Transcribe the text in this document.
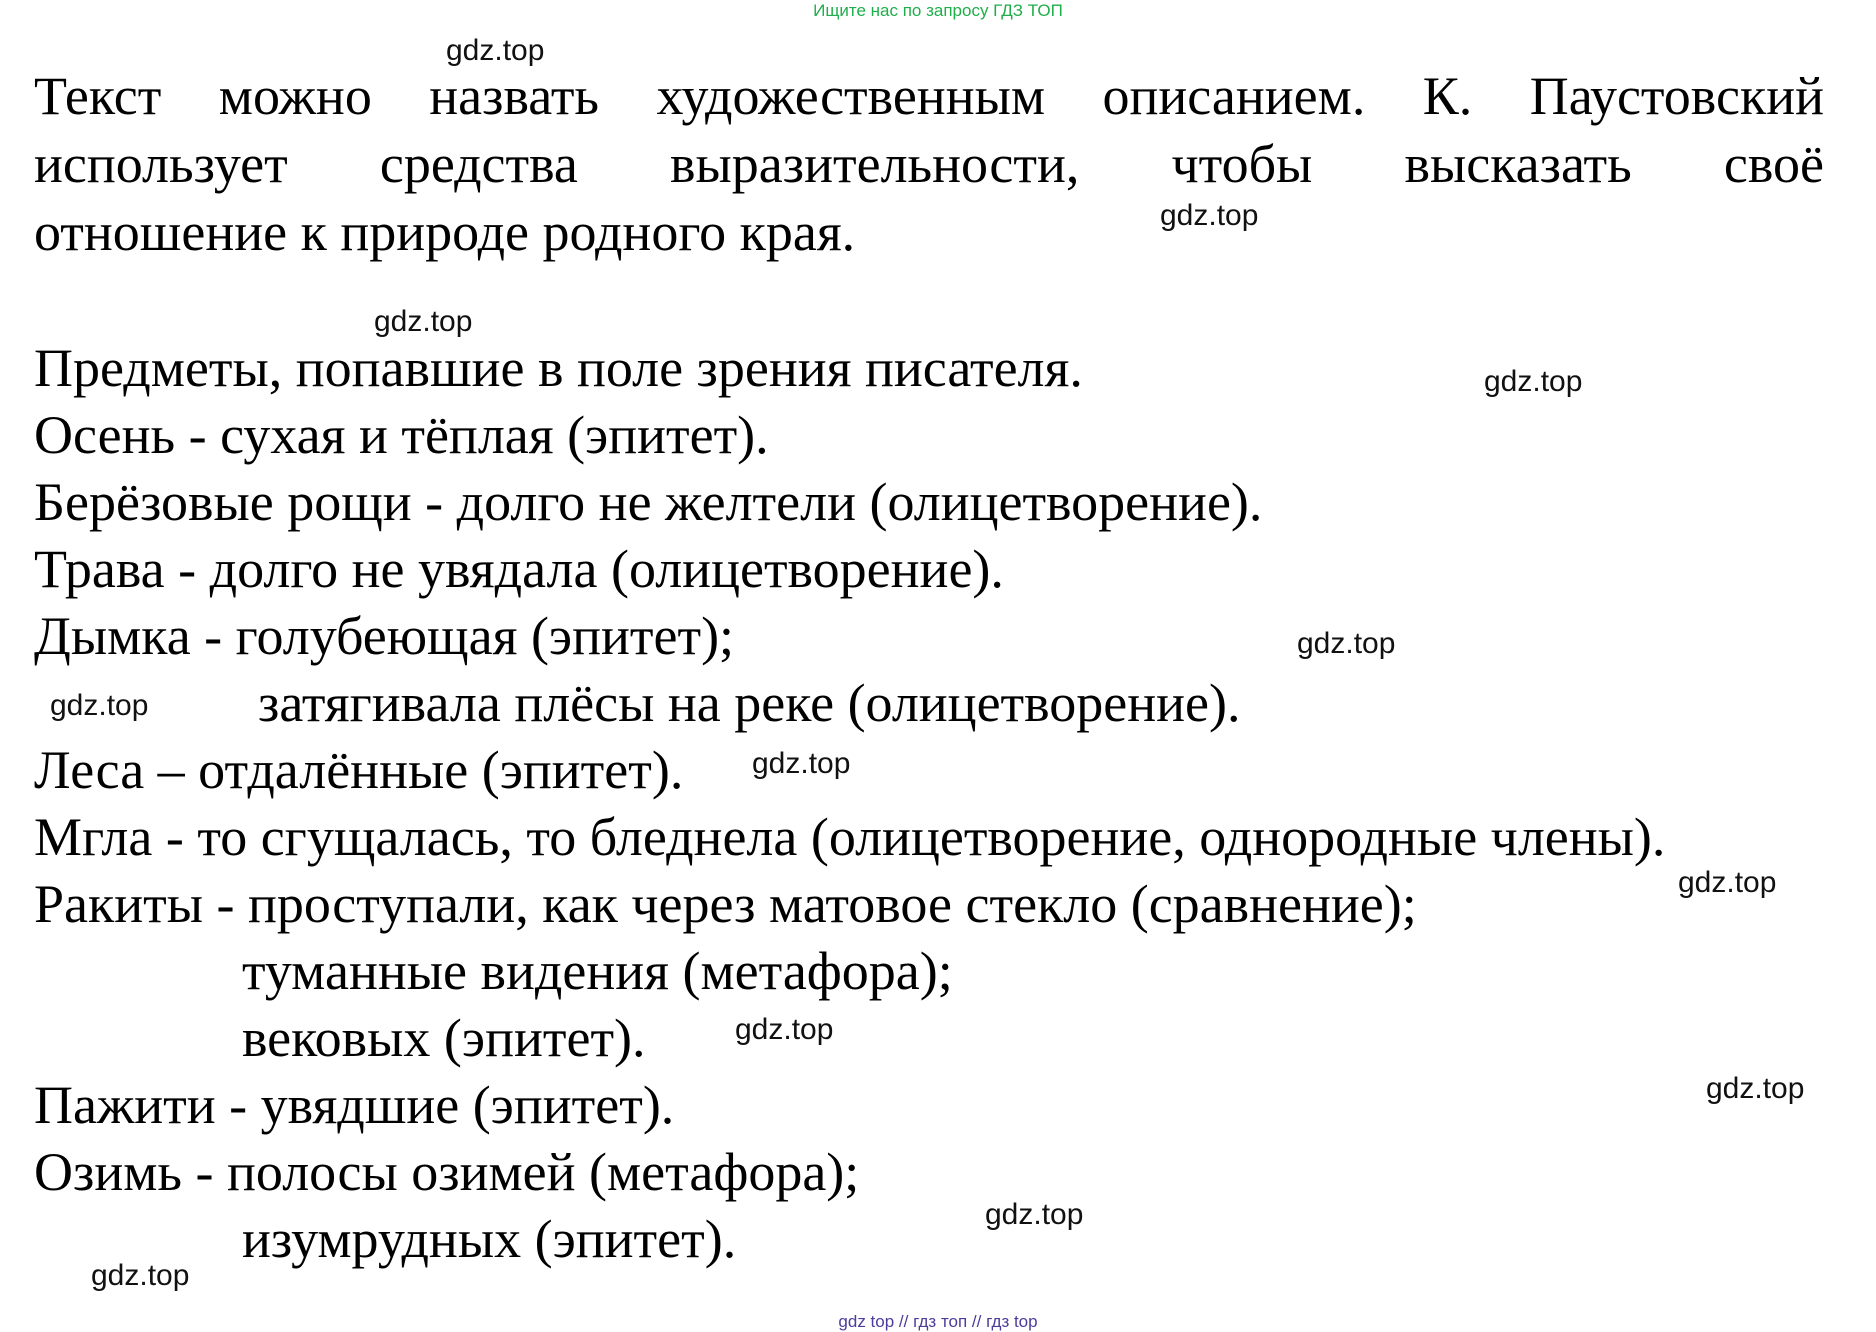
Ищите нас по запросу ГДЗ ТОП
Текст можно назвать художественным описанием. К. Паустовский
использует средства выразительности, чтобы высказать своё
отношение к природе родного края.
Предметы, попавшие в поле зрения писателя.
Осень - сухая и тёплая (эпитет).
Берёзовые рощи - долго не желтели (олицетворение).
Трава - долго не увядала (олицетворение).
Дымка - голубеющая (эпитет);
затягивала плёсы на реке (олицетворение).
Леса – отдалённые (эпитет).
Мгла - то сгущалась, то бледнела (олицетворение, однородные члены).
Ракиты - проступали, как через матовое стекло (сравнение);
туманные видения (метафора);
вековых (эпитет).
Пажити - увядшие (эпитет).
Озимь - полосы озимей (метафора);
изумрудных (эпитет).
gdz.top
gdz.top
gdz.top
gdz.top
gdz.top
gdz.top
gdz.top
gdz.top
gdz.top
gdz.top
gdz.top
gdz.top
gdz top // гдз топ // гдз top
